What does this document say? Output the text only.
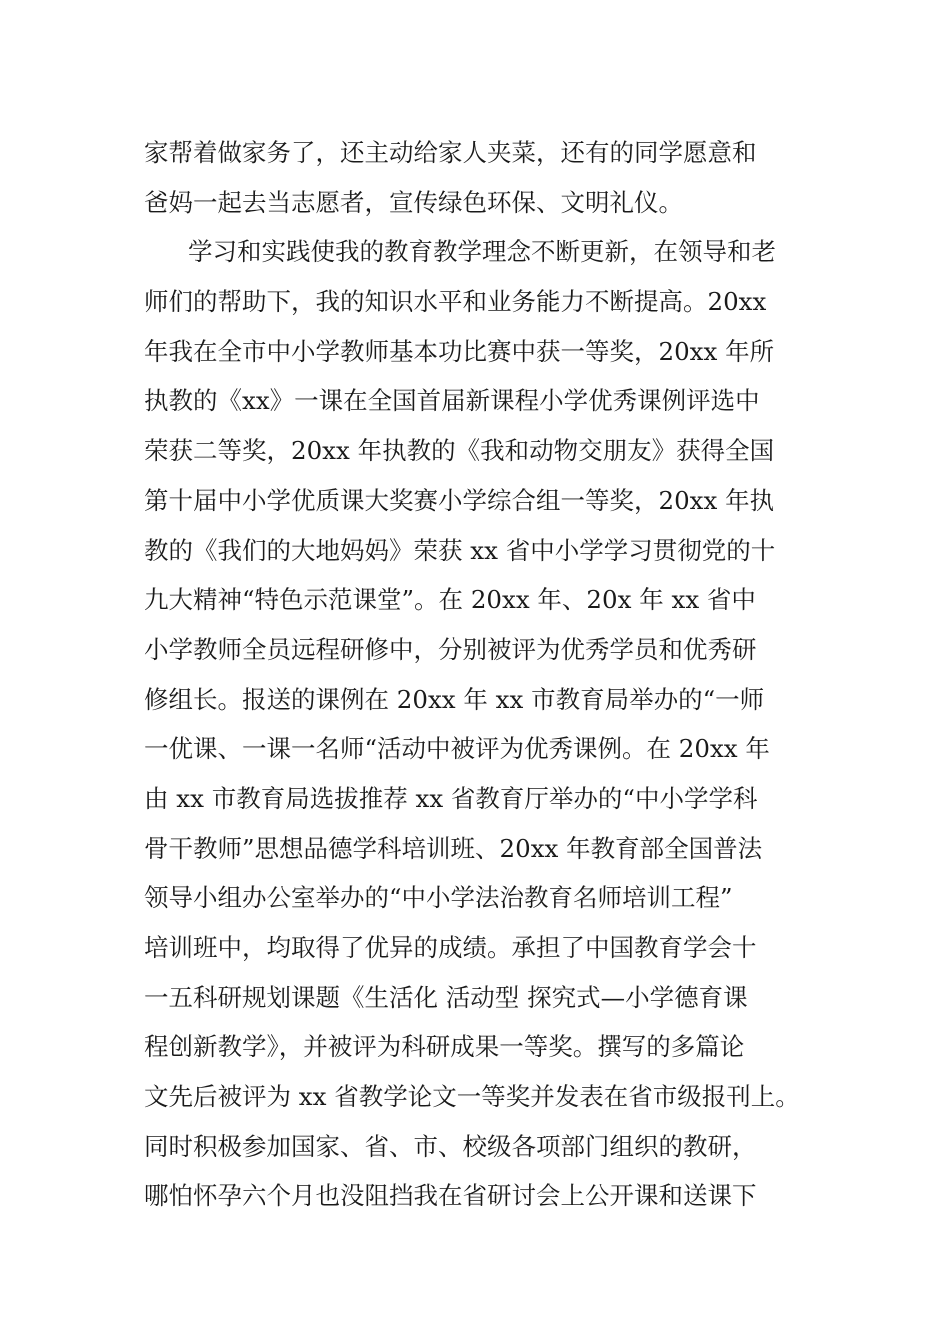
家帮着做家务了，还主动给家人夹菜，还有的同学愿意和
爸妈一起去当志愿者，宣传绿色环保、文明礼仪。
学习和实践使我的教育教学理念不断更新，在领导和老
师们的帮助下，我的知识水平和业务能力不断提高。20xx
年我在全市中小学教师基本功比赛中获一等奖，20xx 年所
执教的《xx》一课在全国首届新课程小学优秀课例评选中
荣获二等奖，20xx 年执教的《我和动物交朋友》获得全国
第十届中小学优质课大奖赛小学综合组一等奖，20xx 年执
教的《我们的大地妈妈》荣获 xx 省中小学学习贯彻党的十
九大精神“特色示范课堂”。在 20xx 年、20x 年 xx 省中
小学教师全员远程研修中，分别被评为优秀学员和优秀研
修组长。报送的课例在 20xx 年 xx 市教育局举办的“一师
一优课、一课一名师“活动中被评为优秀课例。在 20xx 年
由 xx 市教育局选拔推荐 xx 省教育厅举办的“中小学学科
骨干教师”思想品德学科培训班、20xx 年教育部全国普法
领导小组办公室举办的“中小学法治教育名师培训工程”
培训班中，均取得了优异的成绩。承担了中国教育学会十
一五科研规划课题《生活化 活动型 探究式—小学德育课
程创新教学》，并被评为科研成果一等奖。撰写的多篇论
文先后被评为 xx 省教学论文一等奖并发表在省市级报刊上。
同时积极参加国家、省、市、校级各项部门组织的教研，
哪怕怀孕六个月也没阻挡我在省研讨会上公开课和送课下
